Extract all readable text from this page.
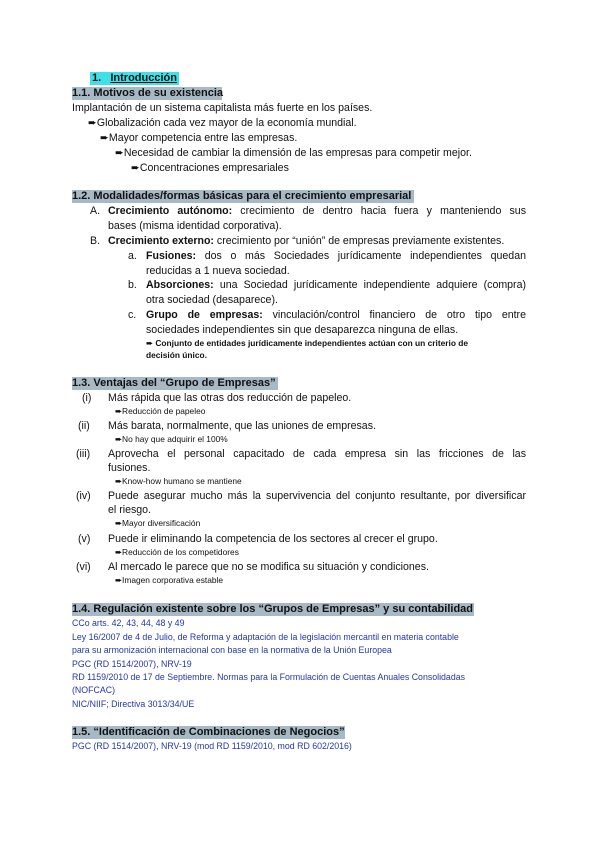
1. Introducción
1.1. Motivos de su existencia
Implantación de un sistema capitalista más fuerte en los países.
➨Globalización cada vez mayor de la economía mundial.
➨Mayor competencia entre las empresas.
➨Necesidad de cambiar la dimensión de las empresas para competir mejor.
➨Concentraciones empresariales
1.2. Modalidades/formas básicas para el crecimiento empresarial
A. Crecimiento autónomo: crecimiento de dentro hacia fuera y manteniendo sus
bases (misma identidad corporativa).
B. Crecimiento externo: crecimiento por “unión” de empresas previamente existentes.
a. Fusiones: dos o más Sociedades jurídicamente independientes quedan
reducidas a 1 nueva sociedad.
b. Absorciones: una Sociedad jurídicamente independiente adquiere (compra)
otra sociedad (desaparece).
c. Grupo de empresas: vinculación/control financiero de otro tipo entre
sociedades independientes sin que desaparezca ninguna de ellas.
➨ Conjunto de entidades jurídicamente independientes actúan con un criterio de
decisión único.
1.3. Ventajas del “Grupo de Empresas”
(i) Más rápida que las otras dos reducción de papeleo.
➨Reducción de papeleo
(ii) Más barata, normalmente, que las uniones de empresas.
➨No hay que adquirir el 100%
(iii) Aprovecha el personal capacitado de cada empresa sin las fricciones de las
fusiones.
➨Know-how humano se mantiene
(iv) Puede asegurar mucho más la supervivencia del conjunto resultante, por diversificar
el riesgo.
➨Mayor diversificación
(v) Puede ir eliminando la competencia de los sectores al crecer el grupo.
➨Reducción de los competidores
(vi) Al mercado le parece que no se modifica su situación y condiciones.
➨Imagen corporativa estable
1.4. Regulación existente sobre los “Grupos de Empresas” y su contabilidad
CCo arts. 42, 43, 44, 48 y 49
Ley 16/2007 de 4 de Julio, de Reforma y adaptación de la legislación mercantil en materia contable
para su armonización internacional con base en la normativa de la Unión Europea
PGC (RD 1514/2007), NRV-19
RD 1159/2010 de 17 de Septiembre. Normas para la Formulación de Cuentas Anuales Consolidadas
(NOFCAC)
NIC/NIIF; Directiva 3013/34/UE
1.5. “Identificación de Combinaciones de Negocios”
PGC (RD 1514/2007), NRV-19 (mod RD 1159/2010, mod RD 602/2016)
